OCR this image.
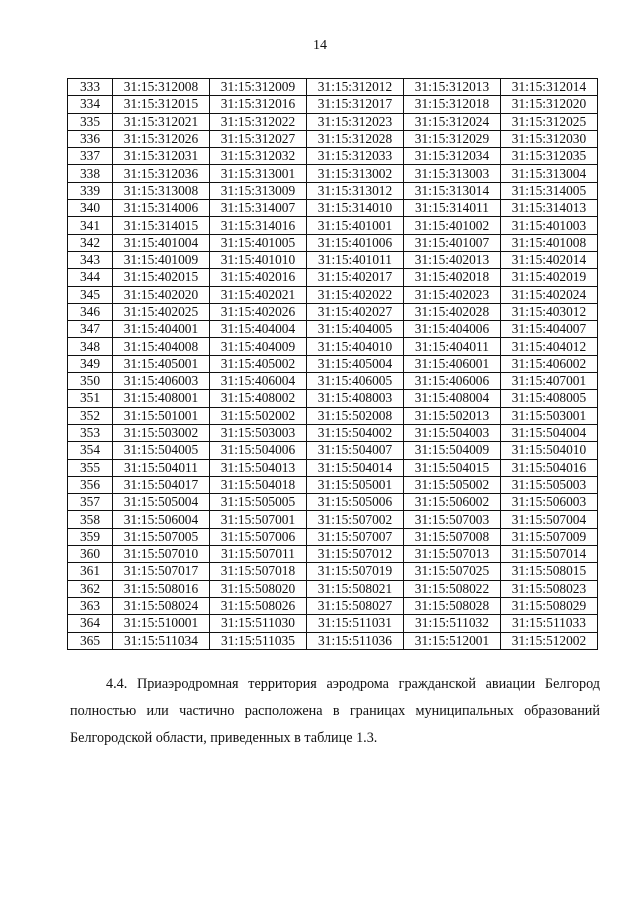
14
333	31:15:312008	31:15:312009	31:15:312012	31:15:312013	31:15:312014
334	31:15:312015	31:15:312016	31:15:312017	31:15:312018	31:15:312020
335	31:15:312021	31:15:312022	31:15:312023	31:15:312024	31:15:312025
336	31:15:312026	31:15:312027	31:15:312028	31:15:312029	31:15:312030
337	31:15:312031	31:15:312032	31:15:312033	31:15:312034	31:15:312035
338	31:15:312036	31:15:313001	31:15:313002	31:15:313003	31:15:313004
339	31:15:313008	31:15:313009	31:15:313012	31:15:313014	31:15:314005
340	31:15:314006	31:15:314007	31:15:314010	31:15:314011	31:15:314013
341	31:15:314015	31:15:314016	31:15:401001	31:15:401002	31:15:401003
342	31:15:401004	31:15:401005	31:15:401006	31:15:401007	31:15:401008
343	31:15:401009	31:15:401010	31:15:401011	31:15:402013	31:15:402014
344	31:15:402015	31:15:402016	31:15:402017	31:15:402018	31:15:402019
345	31:15:402020	31:15:402021	31:15:402022	31:15:402023	31:15:402024
346	31:15:402025	31:15:402026	31:15:402027	31:15:402028	31:15:403012
347	31:15:404001	31:15:404004	31:15:404005	31:15:404006	31:15:404007
348	31:15:404008	31:15:404009	31:15:404010	31:15:404011	31:15:404012
349	31:15:405001	31:15:405002	31:15:405004	31:15:406001	31:15:406002
350	31:15:406003	31:15:406004	31:15:406005	31:15:406006	31:15:407001
351	31:15:408001	31:15:408002	31:15:408003	31:15:408004	31:15:408005
352	31:15:501001	31:15:502002	31:15:502008	31:15:502013	31:15:503001
353	31:15:503002	31:15:503003	31:15:504002	31:15:504003	31:15:504004
354	31:15:504005	31:15:504006	31:15:504007	31:15:504009	31:15:504010
355	31:15:504011	31:15:504013	31:15:504014	31:15:504015	31:15:504016
356	31:15:504017	31:15:504018	31:15:505001	31:15:505002	31:15:505003
357	31:15:505004	31:15:505005	31:15:505006	31:15:506002	31:15:506003
358	31:15:506004	31:15:507001	31:15:507002	31:15:507003	31:15:507004
359	31:15:507005	31:15:507006	31:15:507007	31:15:507008	31:15:507009
360	31:15:507010	31:15:507011	31:15:507012	31:15:507013	31:15:507014
361	31:15:507017	31:15:507018	31:15:507019	31:15:507025	31:15:508015
362	31:15:508016	31:15:508020	31:15:508021	31:15:508022	31:15:508023
363	31:15:508024	31:15:508026	31:15:508027	31:15:508028	31:15:508029
364	31:15:510001	31:15:511030	31:15:511031	31:15:511032	31:15:511033
365	31:15:511034	31:15:511035	31:15:511036	31:15:512001	31:15:512002

4.4. Приаэродромная территория аэродрома гражданской авиации Белгород полностью или частично расположена в границах муниципальных образований Белгородской области, приведенных в таблице 1.3.
